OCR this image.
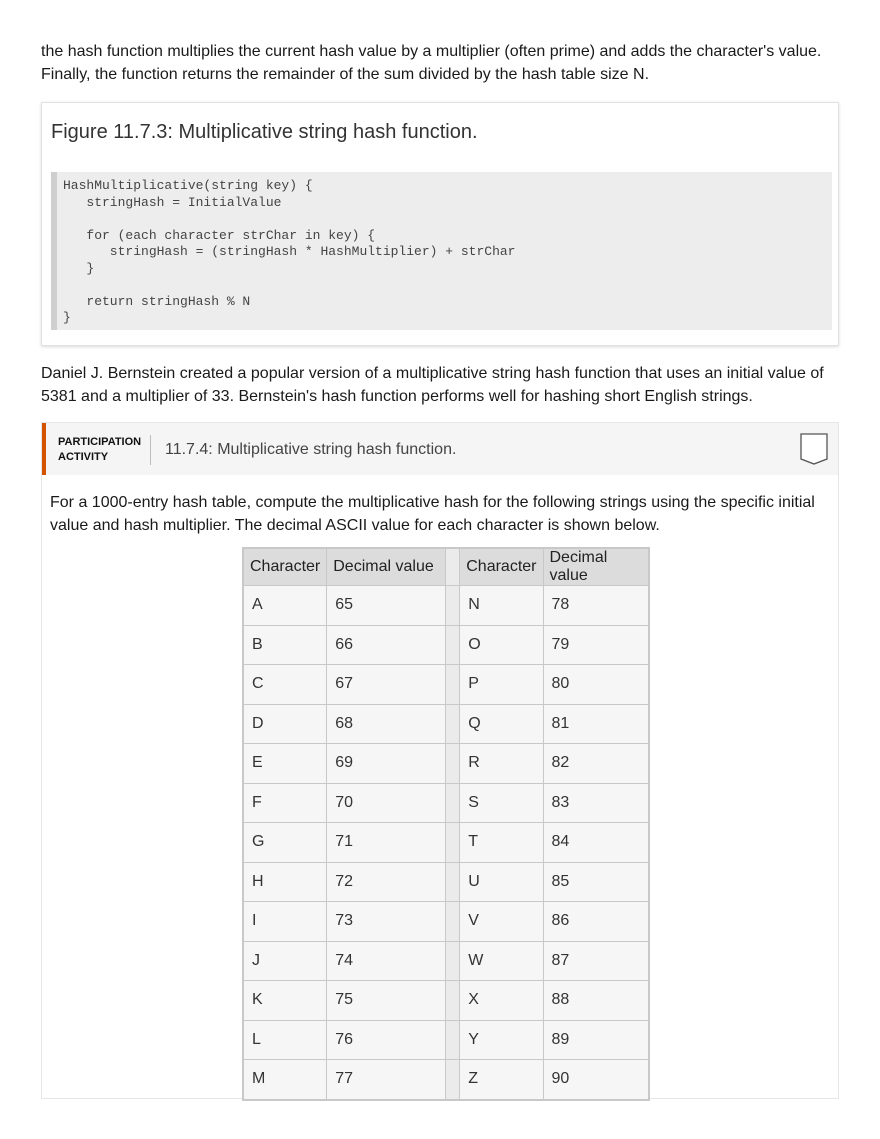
the hash function multiplies the current hash value by a multiplier (often prime) and adds the character's value. Finally, the function returns the remainder of the sum divided by the hash table size N.

Figure 11.7.3: Multiplicative string hash function.
HashMultiplicative(string key) {
stringHash = InitialValue

for (each character strChar in key) {
stringHash = (stringHash * HashMultiplier) + strChar
}

return stringHash % N
}

Daniel J. Bernstein created a popular version of a multiplicative string hash function that uses an initial value of 5381 and a multiplier of 33. Bernstein's hash function performs well for hashing short English strings.

PARTICIPATION
ACTIVITY	11.7.4: Multiplicative string hash function.

For a 1000-entry hash table, compute the multiplicative hash for the following strings using the specific initial value and hash multiplier. The decimal ASCII value for each character is shown below.

Character	Decimal value		Character	Decimal value
A	65		N	78
B	66		O	79
C	67		P	80
D	68		Q	81
E	69		R	82
F	70		S	83
G	71		T	84
H	72		U	85
I	73		V	86
J	74		W	87
K	75		X	88
L	76		Y	89
M	77		Z	90
